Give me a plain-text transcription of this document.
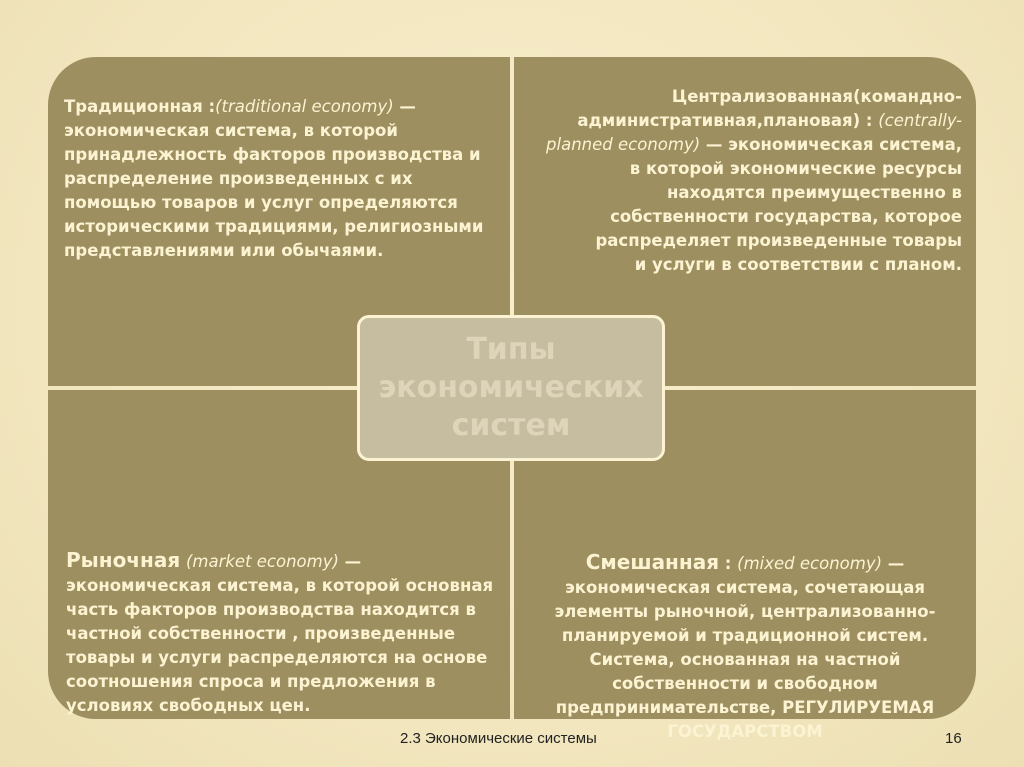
Традиционная :(traditional economy) — экономическая система, в которой принадлежность факторов производства и распределение произведенных с их помощью товаров и услуг определяются историческими традициями, религиозными представлениями или обычаями.
Централизованная(командно-административная,плановая) : (centrally-planned economy) — экономическая система,
в которой экономические ресурсы
находятся преимущественно в
собственности государства, которое
распределяет произведенные товары
и услуги в соответствии с планом.
Рыночная (market economy) — экономическая система, в которой основная часть факторов производства находится в частной собственности , произведенные товары и услуги распределяются на основе соотношения спроса и предложения в условиях свободных цен.
Смешанная : (mixed economy) —
экономическая система, сочетающая
элементы рыночной, централизованно-
планируемой и традиционной систем.
Система, основанная на частной
собственности и свободном
предпринимательстве, РЕГУЛИРУЕМАЯ
ГОСУДАРСТВОМ
Типы экономических систем
2.3 Экономические системы	16
